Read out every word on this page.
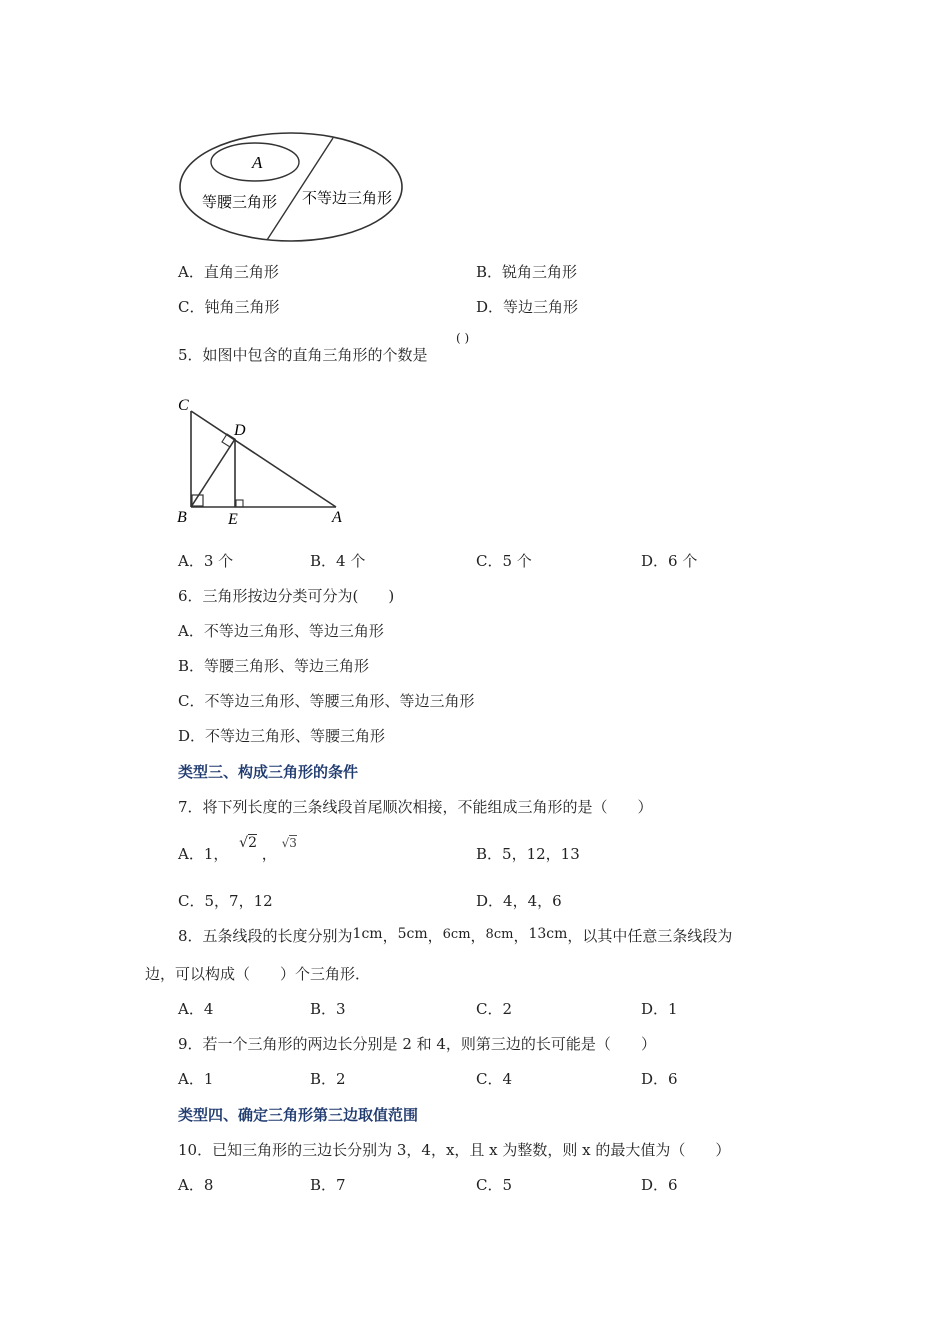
A
等腰三角形 不等边三角形
A．直角三角形	B．锐角三角形
C．钝角三角形	D．等边三角形
( )
5．如图中包含的直角三角形的个数是
C
D
B	E	A
A．3 个	B．4 个	C．5 个	D．6 个
6．三角形按边分类可分为(　　)
A．不等边三角形、等边三角形
B．等腰三角形、等边三角形
C．不等边三角形、等腰三角形、等边三角形
D．不等边三角形、等腰三角形
类型三、构成三角形的条件
7．将下列长度的三条线段首尾顺次相接，不能组成三角形的是（　　）
A．1， √2 ， $^{√3}$
B．5，12，13
C．5，7，12	D．4，4，6
8．五条线段的长度分别为1cm，5cm，6cm，8cm，13cm，以其中任意三条线段为
边，可以构成（　　）个三角形．
A．4	B．3	C．2	D．1
9．若一个三角形的两边长分别是 2 和 4，则第三边的长可能是（　　）
A．1	B．2	C．4	D．6
类型四、确定三角形第三边取值范围
10．已知三角形的三边长分别为 3，4，x，且 x 为整数，则 x 的最大值为（　　）
A．8	B．7	C．5	D．6
